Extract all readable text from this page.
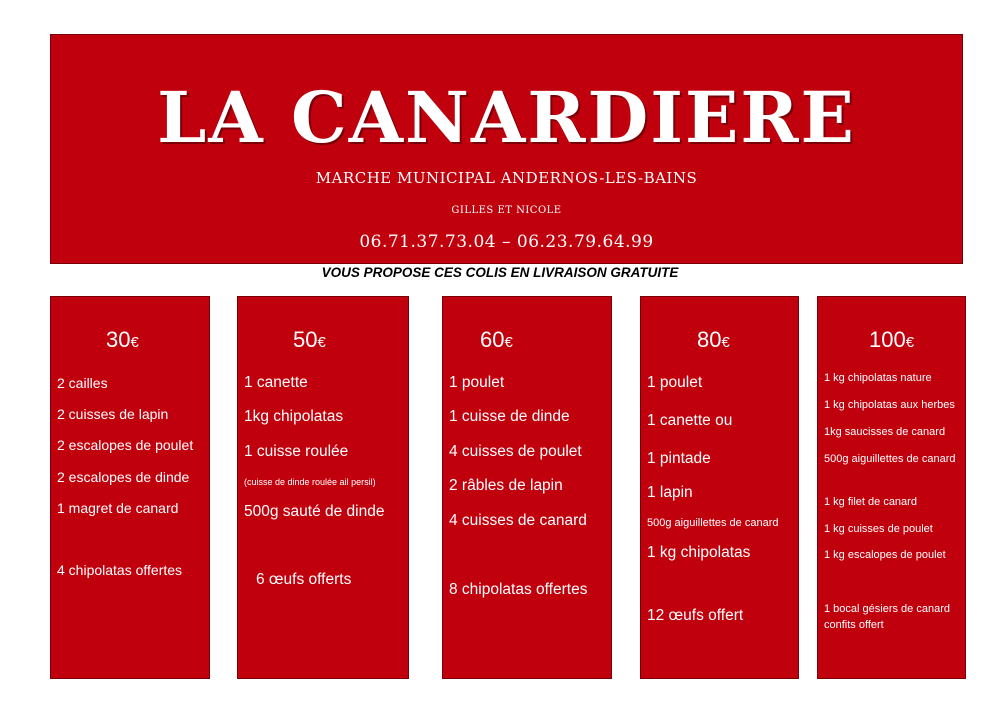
LA CANARDIERE
MARCHE MUNICIPAL ANDERNOS-LES-BAINS
GILLES ET NICOLE
06.71.37.73.04 – 06.23.79.64.99
VOUS PROPOSE CES COLIS EN LIVRAISON GRATUITE
30€
2 cailles
2 cuisses de lapin
2 escalopes de poulet
2 escalopes de dinde
1 magret de canard
4 chipolatas offertes
50€
1 canette
1kg chipolatas
1 cuisse roulée
(cuisse de dinde roulée ail persil)
500g sauté de dinde
6 œufs offerts
60€
1 poulet
1 cuisse de dinde
4 cuisses de poulet
2 râbles de lapin
4 cuisses de canard
8 chipolatas offertes
80€
1 poulet
1 canette ou
1 pintade
1 lapin
500g aiguillettes de canard
1 kg chipolatas
12 œufs offert
100€
1 kg chipolatas nature
1 kg chipolatas aux herbes
1kg saucisses de canard
500g aiguillettes de canard
1 kg filet de canard
1 kg cuisses de poulet
1 kg escalopes de poulet
1 bocal gésiers de canard confits offert
